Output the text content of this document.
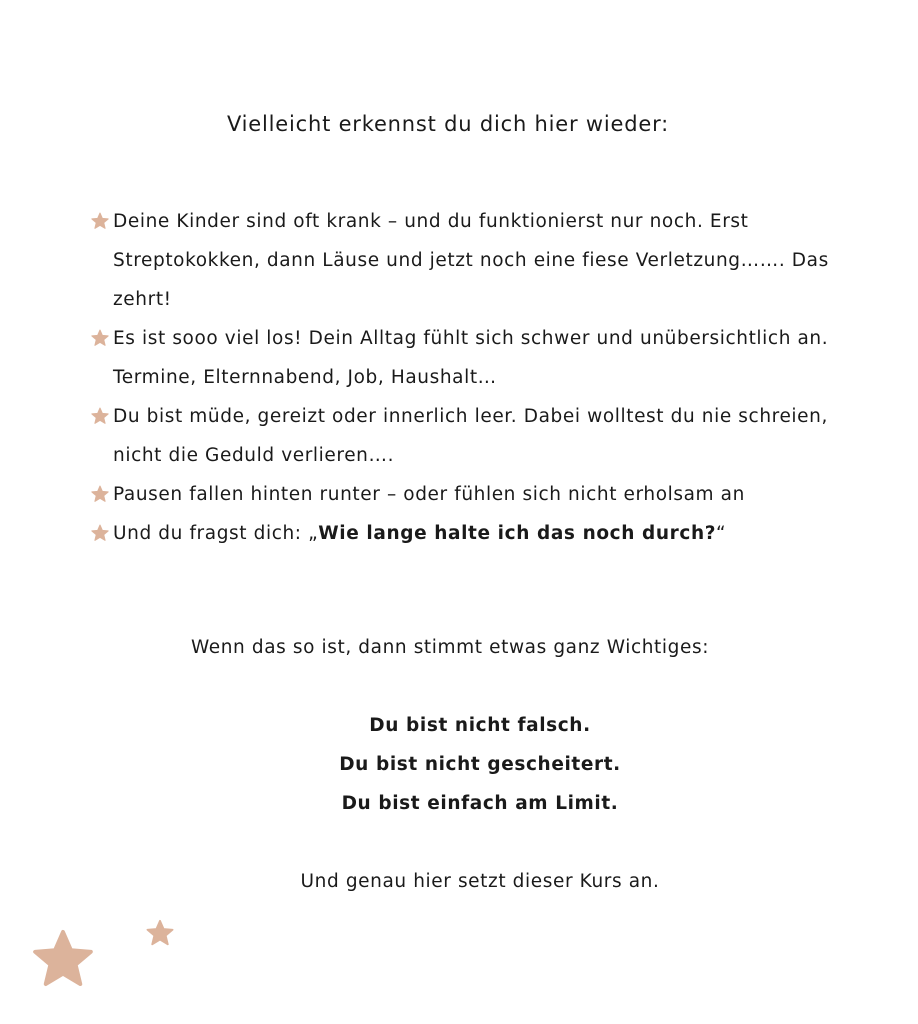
Vielleicht erkennst du dich hier wieder:
Deine Kinder sind oft krank – und du funktionierst nur noch. Erst Streptokokken, dann Läuse und jetzt noch eine fiese Verletzung……. Das zehrt!
Es ist sooo viel los! Dein Alltag fühlt sich schwer und unübersichtlich an. Termine, Elternnabend, Job, Haushalt…
Du bist müde, gereizt oder innerlich leer. Dabei wolltest du nie schreien, nicht die Geduld verlieren….
Pausen fallen hinten runter – oder fühlen sich nicht erholsam an
Und du fragst dich: „Wie lange halte ich das noch durch?“

Wenn das so ist, dann stimmt etwas ganz Wichtiges:

Du bist nicht falsch.

Du bist nicht gescheitert.

Du bist einfach am Limit.

Und genau hier setzt dieser Kurs an.
